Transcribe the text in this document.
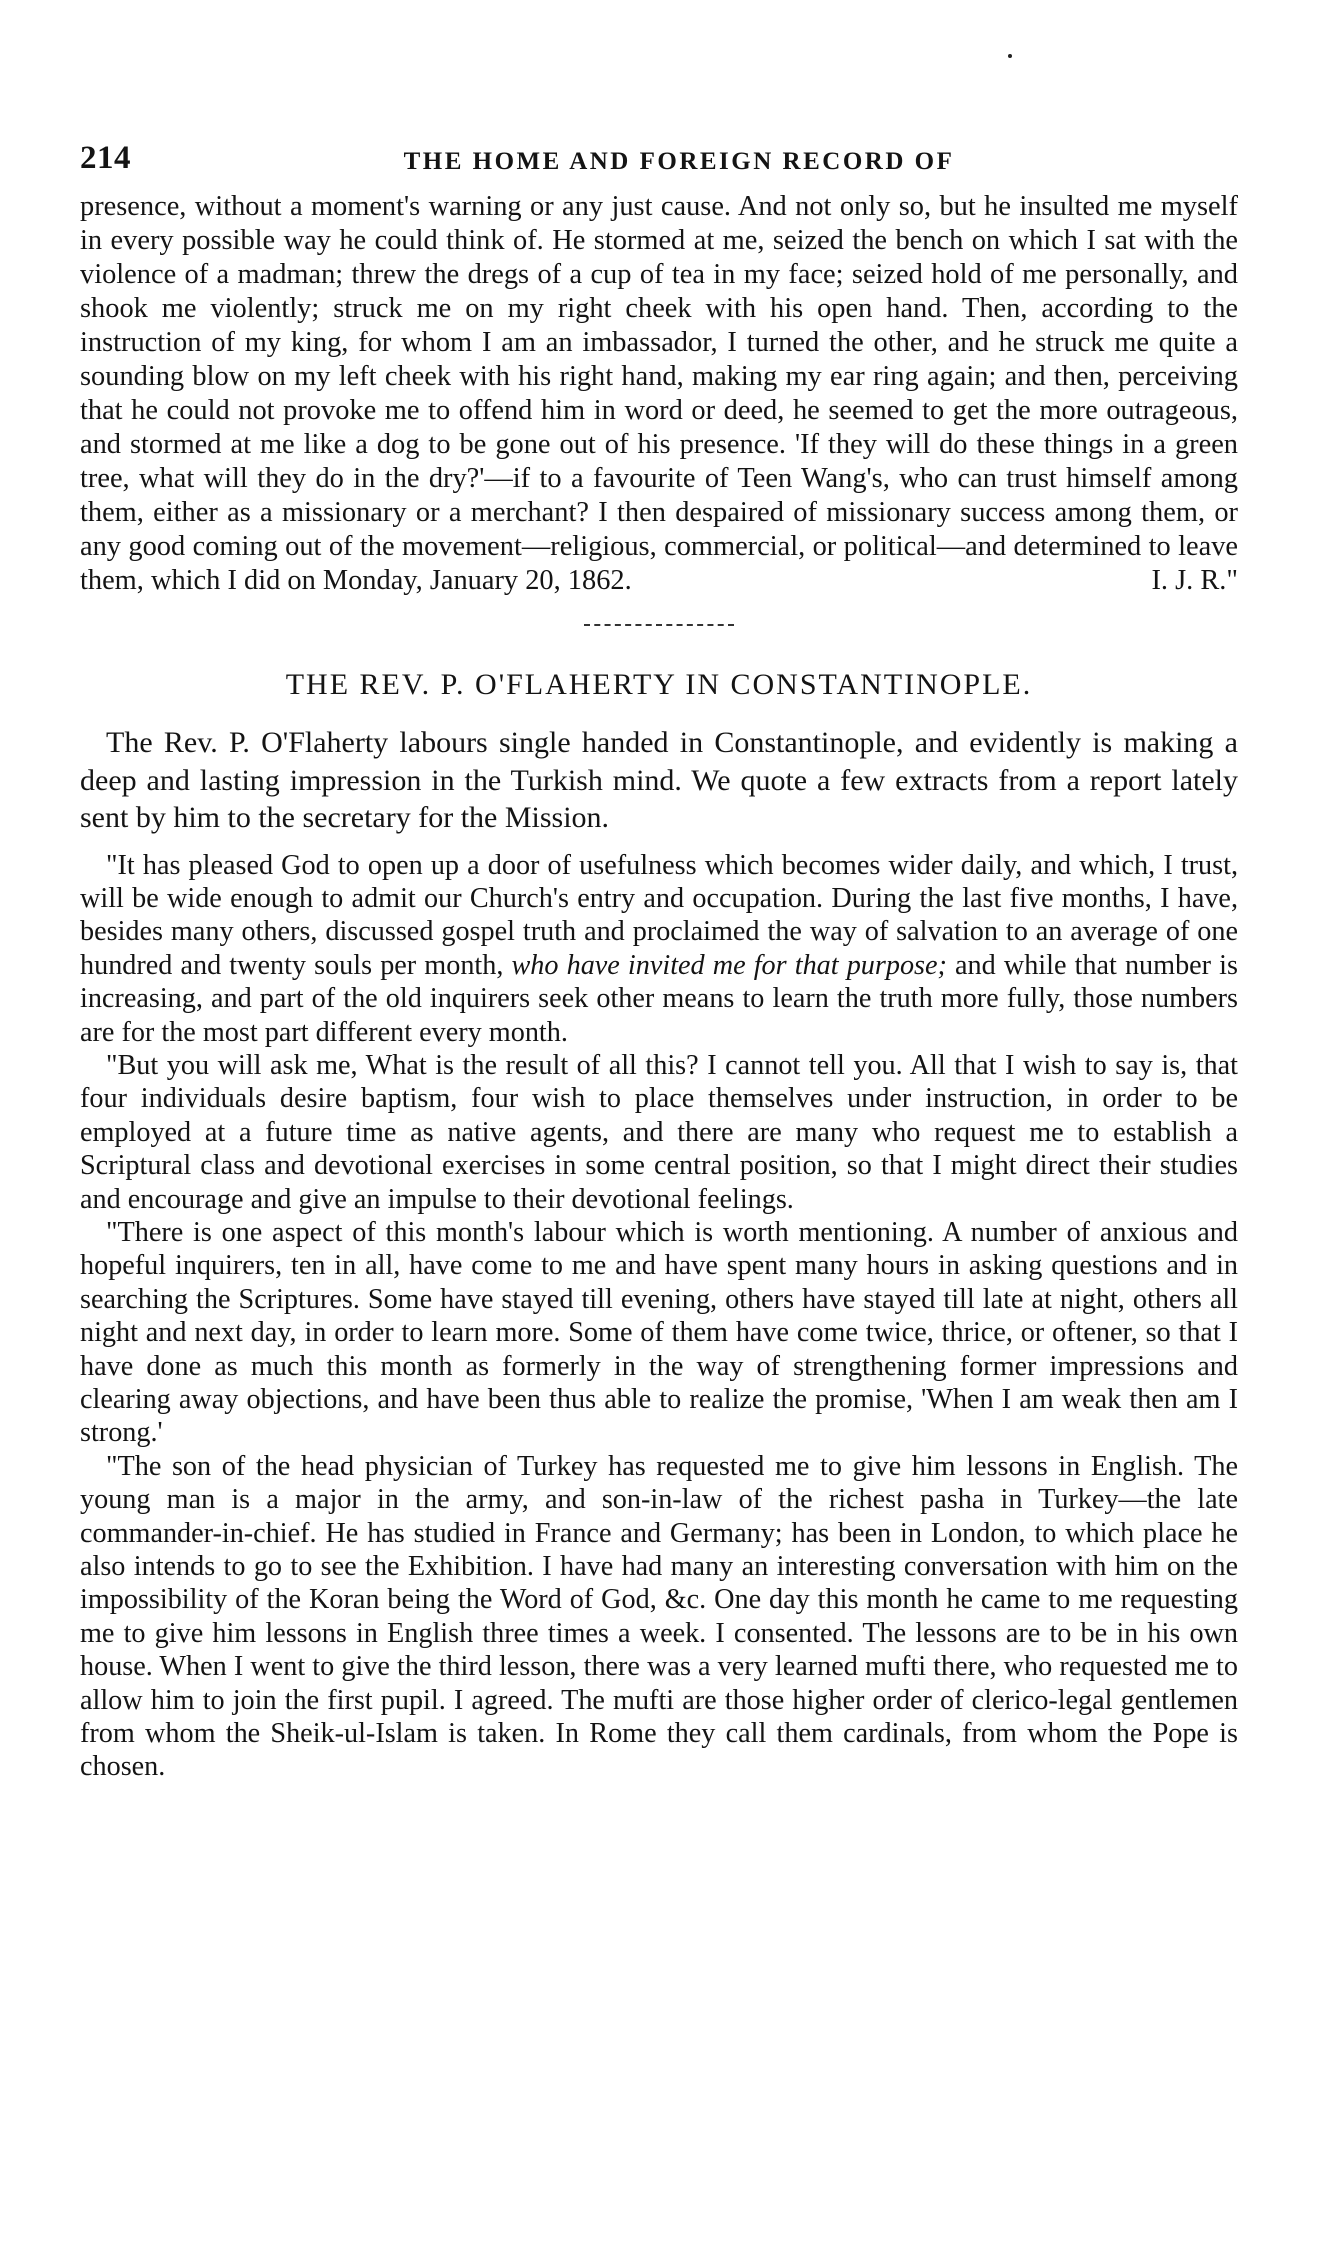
214	THE HOME AND FOREIGN RECORD OF

presence, without a moment's warning or any just cause. And not only so, but he insulted me myself in every possible way he could think of. He stormed at me, seized the bench on which I sat with the violence of a madman; threw the dregs of a cup of tea in my face; seized hold of me personally, and shook me violently; struck me on my right cheek with his open hand. Then, according to the instruction of my king, for whom I am an imbassador, I turned the other, and he struck me quite a sounding blow on my left cheek with his right hand, making my ear ring again; and then, perceiving that he could not provoke me to offend him in word or deed, he seemed to get the more outrageous, and stormed at me like a dog to be gone out of his presence. 'If they will do these things in a green tree, what will they do in the dry?'—if to a favourite of Teen Wang's, who can trust himself among them, either as a missionary or a merchant? I then despaired of missionary success among them, or any good coming out of the movement—religious, commercial, or political—and determined to leave them, which I did on Monday, January 20, 1862.	I. J. R."

THE REV. P. O'FLAHERTY IN CONSTANTINOPLE.

The Rev. P. O'Flaherty labours single handed in Constantinople, and evidently is making a deep and lasting impression in the Turkish mind. We quote a few extracts from a report lately sent by him to the secretary for the Mission.

"It has pleased God to open up a door of usefulness which becomes wider daily, and which, I trust, will be wide enough to admit our Church's entry and occupation. During the last five months, I have, besides many others, discussed gospel truth and proclaimed the way of salvation to an average of one hundred and twenty souls per month, who have invited me for that purpose; and while that number is increasing, and part of the old inquirers seek other means to learn the truth more fully, those numbers are for the most part different every month.

"But you will ask me, What is the result of all this? I cannot tell you. All that I wish to say is, that four individuals desire baptism, four wish to place themselves under instruction, in order to be employed at a future time as native agents, and there are many who request me to establish a Scriptural class and devotional exercises in some central position, so that I might direct their studies and encourage and give an impulse to their devotional feelings.

"There is one aspect of this month's labour which is worth mentioning. A number of anxious and hopeful inquirers, ten in all, have come to me and have spent many hours in asking questions and in searching the Scriptures. Some have stayed till evening, others have stayed till late at night, others all night and next day, in order to learn more. Some of them have come twice, thrice, or oftener, so that I have done as much this month as formerly in the way of strengthening former impressions and clearing away objections, and have been thus able to realize the promise, 'When I am weak then am I strong.'

"The son of the head physician of Turkey has requested me to give him lessons in English. The young man is a major in the army, and son-in-law of the richest pasha in Turkey—the late commander-in-chief. He has studied in France and Germany; has been in London, to which place he also intends to go to see the Exhibition. I have had many an interesting conversation with him on the impossibility of the Koran being the Word of God, &c. One day this month he came to me requesting me to give him lessons in English three times a week. I consented. The lessons are to be in his own house. When I went to give the third lesson, there was a very learned mufti there, who requested me to allow him to join the first pupil. I agreed. The mufti are those higher order of clerico-legal gentlemen from whom the Sheik-ul-Islam is taken. In Rome they call them cardinals, from whom the Pope is chosen.
